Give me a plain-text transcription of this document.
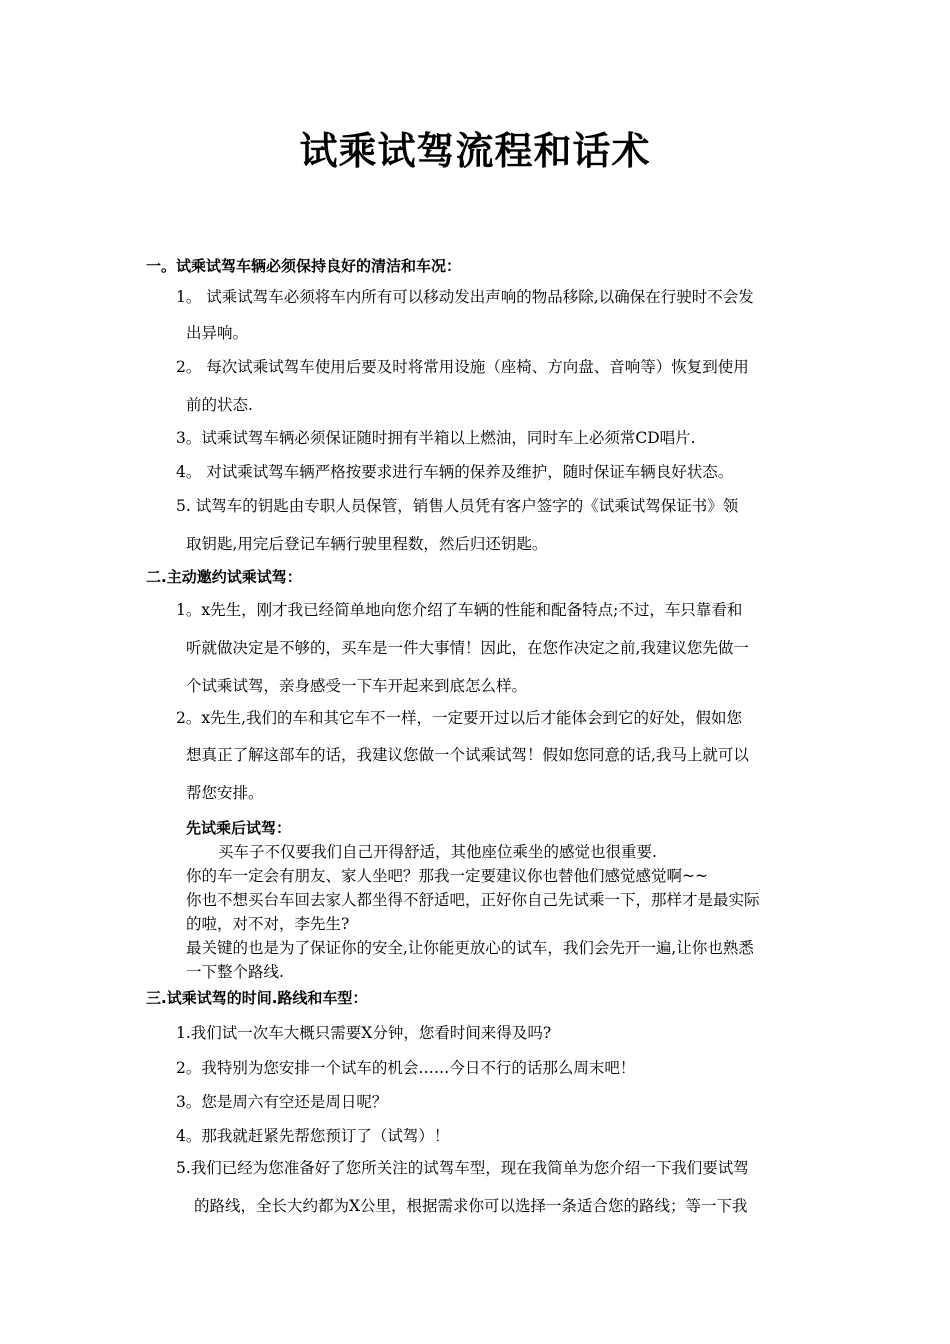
试乘试驾流程和话术
一。试乘试驾车辆必须保持良好的清洁和车况：
1。 试乘试驾车必须将车内所有可以移动发出声响的物品移除,以确保在行驶时不会发
出异响。
2。 每次试乘试驾车使用后要及时将常用设施（座椅、方向盘、音响等）恢复到使用
前的状态.
3。试乘试驾车辆必须保证随时拥有半箱以上燃油，同时车上必须常CD唱片.
4。 对试乘试驾车辆严格按要求进行车辆的保养及维护，随时保证车辆良好状态。
5. 试驾车的钥匙由专职人员保管，销售人员凭有客户签字的《试乘试驾保证书》领
取钥匙,用完后登记车辆行驶里程数，然后归还钥匙。
二.主动邀约试乘试驾：
1。x先生，刚才我已经简单地向您介绍了车辆的性能和配备特点;不过，车只靠看和
听就做决定是不够的，买车是一件大事情！因此，在您作决定之前,我建议您先做一
个试乘试驾，亲身感受一下车开起来到底怎么样。
2。x先生,我们的车和其它车不一样，一定要开过以后才能体会到它的好处，假如您
想真正了解这部车的话，我建议您做一个试乘试驾！假如您同意的话,我马上就可以
帮您安排。
先试乘后试驾：
买车子不仅要我们自己开得舒适，其他座位乘坐的感觉也很重要.
你的车一定会有朋友、家人坐吧？那我一定要建议你也替他们感觉感觉啊~~
你也不想买台车回去家人都坐得不舒适吧，正好你自己先试乘一下，那样才是最实际
的啦，对不对，李先生?
最关键的也是为了保证你的安全,让你能更放心的试车，我们会先开一遍,让你也熟悉
一下整个路线.
三.试乘试驾的时间.路线和车型：
1.我们试一次车大概只需要X分钟，您看时间来得及吗?
2。我特别为您安排一个试车的机会……今日不行的话那么周末吧！
3。您是周六有空还是周日呢？
4。那我就赶紧先帮您预订了（试驾）！
5.我们已经为您准备好了您所关注的试驾车型，现在我简单为您介绍一下我们要试驾
的路线，全长大约都为X公里，根据需求你可以选择一条适合您的路线；等一下我
